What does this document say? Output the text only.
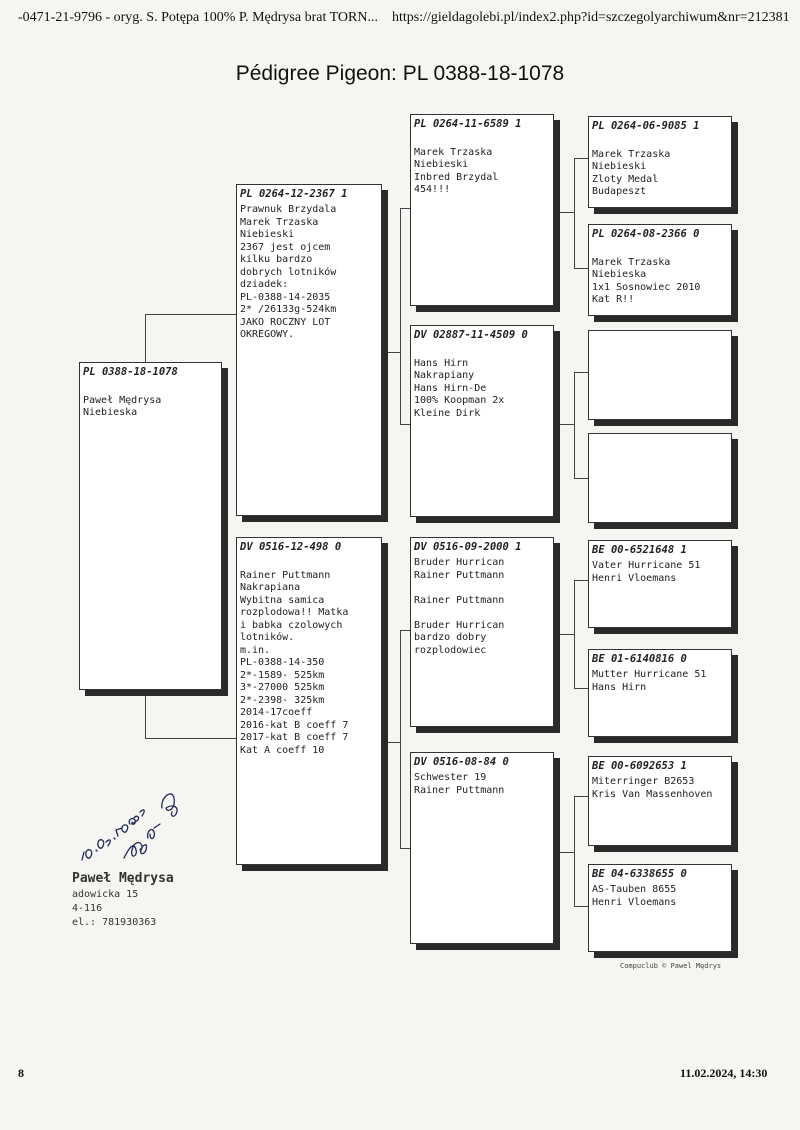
-0471-21-9796 - oryg. S. Potępa 100% P. Mędrysa brat TORN... https://gieldagolebi.pl/index2.php?id=szczegolyarchiwum&nr=212381
Pédigree Pigeon: PL 0388-18-1078
PL 0388-18-1078

Paweł Mędrysa
Niebieska
PL 0264-12-2367 1
Prawnuk Brzydala
Marek Trzaska
Niebieski
2367 jest ojcem
kilku bardzo
dobrych lotników
dziadek:
PL-0388-14-2035
2* /26133g-524km
JAKO ROCZNY LOT
OKREGOWY.
DV 0516-12-498 0

Rainer Puttmann
Nakrapiana
Wybitna samica
rozplodowa!! Matka
i babka czolowych
lotników.
m.in.
PL-0388-14-350
2*-1589- 525km
3*-27000 525km
2*-2398- 325km
2014-17coeff
2016-kat B coeff 7
2017-kat B coeff 7
Kat A coeff 10
PL 0264-11-6589 1

Marek Trzaska
Niebieski
Inbred Brzydal
454!!!
DV 02887-11-4509 0

Hans Hirn
Nakrapiany
Hans Hirn-De
100% Koopman 2x
Kleine Dirk
DV 0516-09-2000 1
Bruder Hurrican
Rainer Puttmann

Rainer Puttmann

Bruder Hurrican
bardzo dobry
rozplodowiec
DV 0516-08-84 0
Schwester 19
Rainer Puttmann
PL 0264-06-9085 1

Marek Trzaska
Niebieski
Zloty Medal
Budapeszt
PL 0264-08-2366 0

Marek Trzaska
Niebieska
1x1 Sosnowiec 2010
Kat R!!
BE 00-6521648 1
Vater Hurricane 51
Henri Vloemans
BE 01-6140816 0
Mutter Hurricane 51
Hans Hirn
BE 00-6092653 1
Miterringer B2653
Kris Van Massenhoven
BE 04-6338655 0
AS-Tauben 8655
Henri Vloemans
Paweł Mędrysa
adowicka 15
4-116
el.: 781930363
Compuclub © Pawel Mędrys
8	11.02.2024, 14:30
